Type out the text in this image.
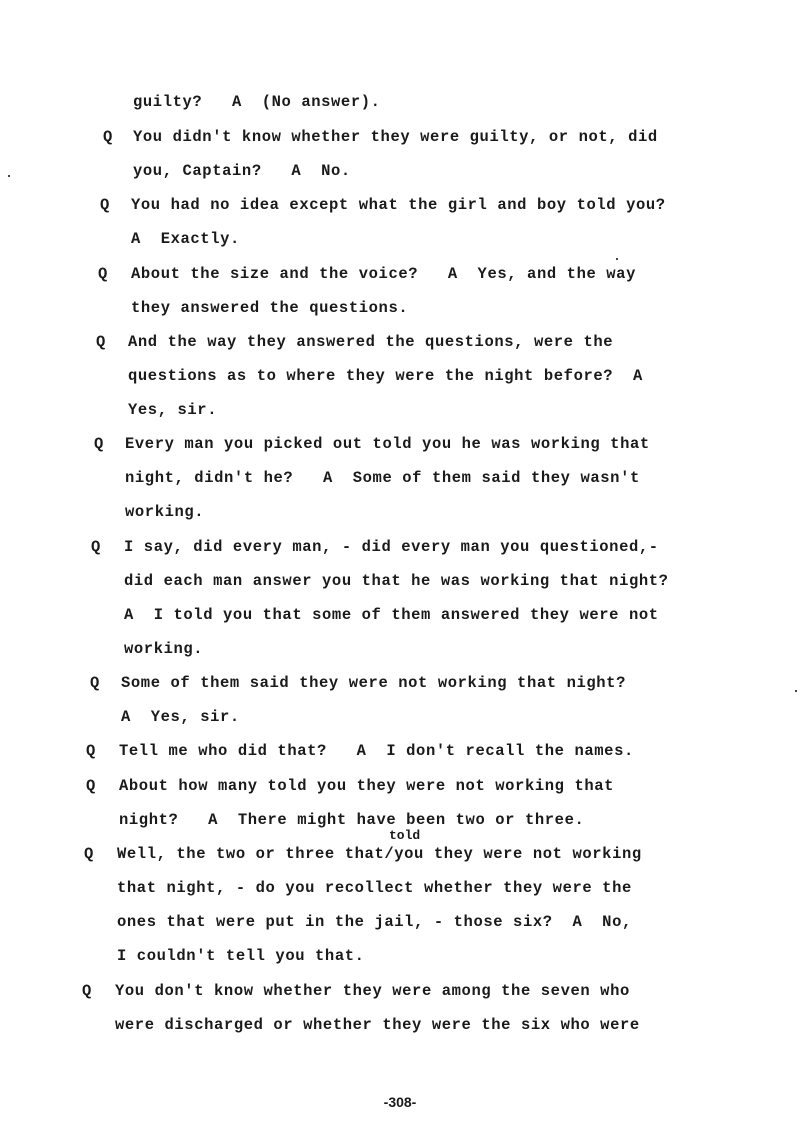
guilty?   A  (No answer).
Q You didn't know whether they were guilty, or not, did
you, Captain?   A  No.
Q You had no idea except what the girl and boy told you?
A  Exactly.
Q About the size and the voice?   A  Yes, and the way
they answered the questions.
Q And the way they answered the questions, were the
questions as to where they were the night before?  A
Yes, sir.
Q Every man you picked out told you he was working that
night, didn't he?   A  Some of them said they wasn't
working.
Q I say, did every man, - did every man you questioned,-
did each man answer you that he was working that night?
A  I told you that some of them answered they were not
working.
Q Some of them said they were not working that night?
A  Yes, sir.
Q Tell me who did that?   A  I don't recall the names.
Q About how many told you they were not working that
night?   A  There might have been two or three.
Q Well, the two or three that/you they were not working
that night, - do you recollect whether they were the
ones that were put in the jail, - those six?  A  No,
I couldn't tell you that.
Q You don't know whether they were among the seven who
were discharged or whether they were the six who were
told
-308-
